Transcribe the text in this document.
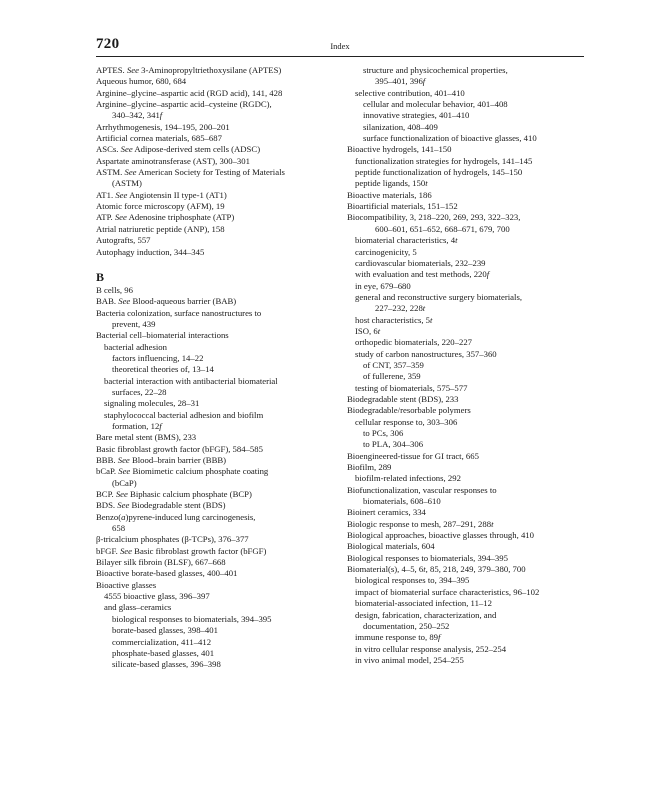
720	Index
APTES. See 3-Aminopropyltriethoxysilane (APTES)
Aqueous humor, 680, 684
Arginine–glycine–aspartic acid (RGD acid), 141, 428
Arginine–glycine–aspartic acid–cysteine (RGDC),
340–342, 341f
Arrhythmogenesis, 194–195, 200–201
Artificial cornea materials, 685–687
ASCs. See Adipose-derived stem cells (ADSC)
Aspartate aminotransferase (AST), 300–301
ASTM. See American Society for Testing of Materials
(ASTM)
AT1. See Angiotensin II type-1 (AT1)
Atomic force microscopy (AFM), 19
ATP. See Adenosine triphosphate (ATP)
Atrial natriuretic peptide (ANP), 158
Autografts, 557
Autophagy induction, 344–345
B
B cells, 96
BAB. See Blood-aqueous barrier (BAB)
Bacteria colonization, surface nanostructures to
prevent, 439
Bacterial cell–biomaterial interactions
bacterial adhesion
factors influencing, 14–22
theoretical theories of, 13–14
bacterial interaction with antibacterial biomaterial
surfaces, 22–28
signaling molecules, 28–31
staphylococcal bacterial adhesion and biofilm
formation, 12f
Bare metal stent (BMS), 233
Basic fibroblast growth factor (bFGF), 584–585
BBB. See Blood–brain barrier (BBB)
bCaP. See Biomimetic calcium phosphate coating
(bCaP)
BCP. See Biphasic calcium phosphate (BCP)
BDS. See Biodegradable stent (BDS)
Benzo(a)pyrene-induced lung carcinogenesis,
658
β-tricalcium phosphates (β-TCPs), 376–377
bFGF. See Basic fibroblast growth factor (bFGF)
Bilayer silk fibroin (BLSF), 667–668
Bioactive borate-based glasses, 400–401
Bioactive glasses
4555 bioactive glass, 396–397
and glass–ceramics
biological responses to biomaterials, 394–395
borate-based glasses, 398–401
commercialization, 411–412
phosphate-based glasses, 401
silicate-based glasses, 396–398
structure and physicochemical properties,
395–401, 396f
selective contribution, 401–410
cellular and molecular behavior, 401–408
innovative strategies, 401–410
silanization, 408–409
surface functionalization of bioactive glasses, 410
Bioactive hydrogels, 141–150
functionalization strategies for hydrogels, 141–145
peptide functionalization of hydrogels, 145–150
peptide ligands, 150t
Bioactive materials, 186
Bioartificial materials, 151–152
Biocompatibility, 3, 218–220, 269, 293, 322–323,
600–601, 651–652, 668–671, 679, 700
biomaterial characteristics, 4t
carcinogenicity, 5
cardiovascular biomaterials, 232–239
with evaluation and test methods, 220f
in eye, 679–680
general and reconstructive surgery biomaterials,
227–232, 228t
host characteristics, 5t
ISO, 6t
orthopedic biomaterials, 220–227
study of carbon nanostructures, 357–360
of CNT, 357–359
of fullerene, 359
testing of biomaterials, 575–577
Biodegradable stent (BDS), 233
Biodegradable/resorbable polymers
cellular response to, 303–306
to PCs, 306
to PLA, 304–306
Bioengineered-tissue for GI tract, 665
Biofilm, 289
biofilm-related infections, 292
Biofunctionalization, vascular responses to
biomaterials, 608–610
Bioinert ceramics, 334
Biologic response to mesh, 287–291, 288t
Biological approaches, bioactive glasses through, 410
Biological materials, 604
Biological responses to biomaterials, 394–395
Biomaterial(s), 4–5, 6t, 85, 218, 249, 379–380, 700
biological responses to, 394–395
impact of biomaterial surface characteristics, 96–102
biomaterial-associated infection, 11–12
design, fabrication, characterization, and
documentation, 250–252
immune response to, 89f
in vitro cellular response analysis, 252–254
in vivo animal model, 254–255
